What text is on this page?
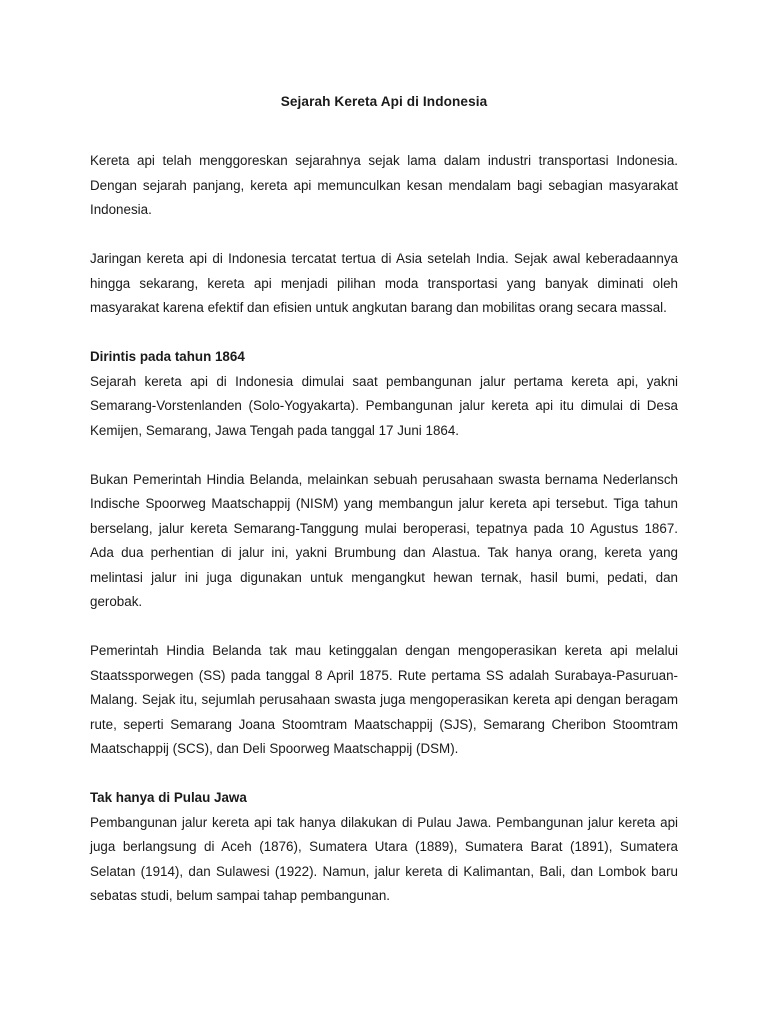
Sejarah Kereta Api di Indonesia

Kereta api telah menggoreskan sejarahnya sejak lama dalam industri transportasi Indonesia. Dengan sejarah panjang, kereta api memunculkan kesan mendalam bagi sebagian masyarakat Indonesia.

Jaringan kereta api di Indonesia tercatat tertua di Asia setelah India. Sejak awal keberadaannya hingga sekarang, kereta api menjadi pilihan moda transportasi yang banyak diminati oleh masyarakat karena efektif dan efisien untuk angkutan barang dan mobilitas orang secara massal.

Dirintis pada tahun 1864

Sejarah kereta api di Indonesia dimulai saat pembangunan jalur pertama kereta api, yakni Semarang-Vorstenlanden (Solo-Yogyakarta). Pembangunan jalur kereta api itu dimulai di Desa Kemijen, Semarang, Jawa Tengah pada tanggal 17 Juni 1864.

Bukan Pemerintah Hindia Belanda, melainkan sebuah perusahaan swasta bernama Nederlansch Indische Spoorweg Maatschappij (NISM) yang membangun jalur kereta api tersebut. Tiga tahun berselang, jalur kereta Semarang-Tanggung mulai beroperasi, tepatnya pada 10 Agustus 1867. Ada dua perhentian di jalur ini, yakni Brumbung dan Alastua. Tak hanya orang, kereta yang melintasi jalur ini juga digunakan untuk mengangkut hewan ternak, hasil bumi, pedati, dan gerobak.

Pemerintah Hindia Belanda tak mau ketinggalan dengan mengoperasikan kereta api melalui Staatssporwegen (SS) pada tanggal 8 April 1875. Rute pertama SS adalah Surabaya-Pasuruan-Malang. Sejak itu, sejumlah perusahaan swasta juga mengoperasikan kereta api dengan beragam rute, seperti Semarang Joana Stoomtram Maatschappij (SJS), Semarang Cheribon Stoomtram Maatschappij (SCS), dan Deli Spoorweg Maatschappij (DSM).

Tak hanya di Pulau Jawa

Pembangunan jalur kereta api tak hanya dilakukan di Pulau Jawa. Pembangunan jalur kereta api juga berlangsung di Aceh (1876), Sumatera Utara (1889), Sumatera Barat (1891), Sumatera Selatan (1914), dan Sulawesi (1922). Namun, jalur kereta di Kalimantan, Bali, dan Lombok baru sebatas studi, belum sampai tahap pembangunan.
